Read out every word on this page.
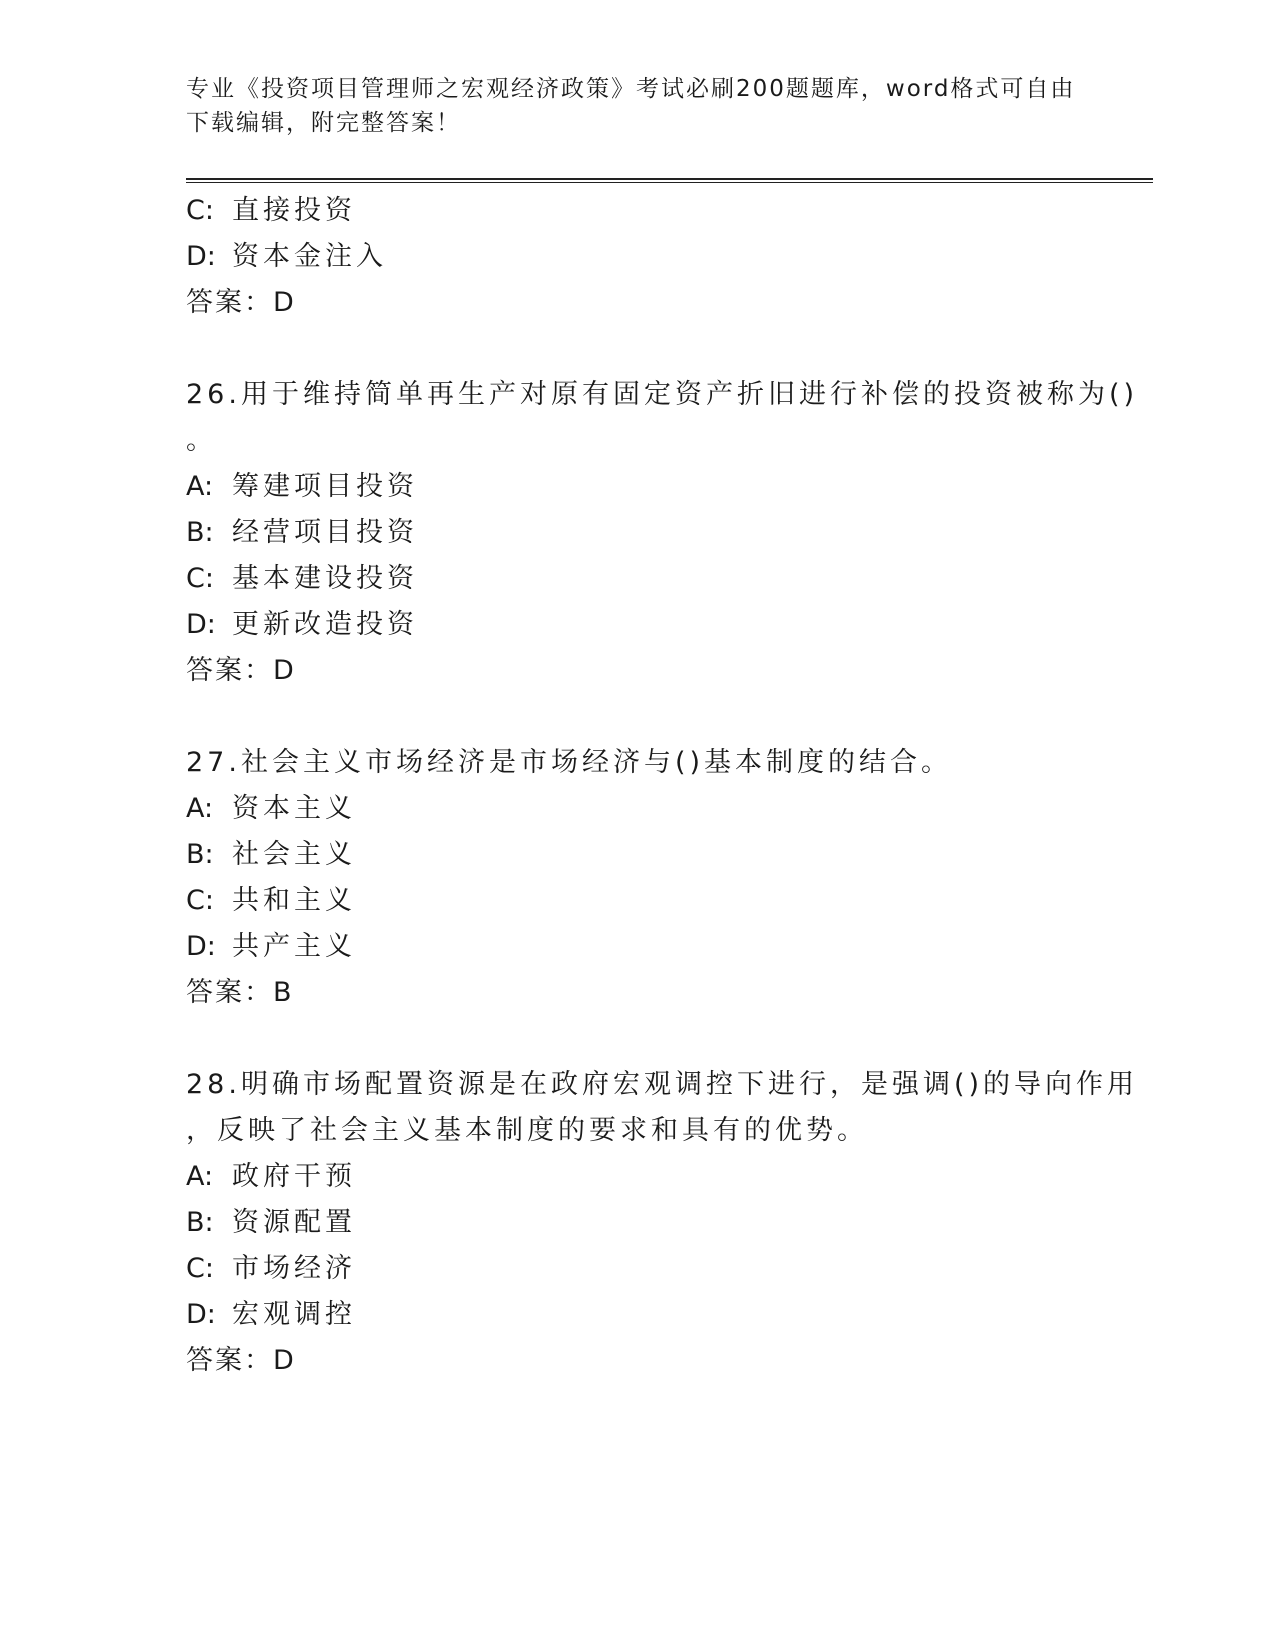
专业《投资项目管理师之宏观经济政策》考试必刷200题题库，word格式可自由下载编辑，附完整答案！
C: 直接投资
D: 资本金注入
答案：D
26.用于维持简单再生产对原有固定资产折旧进行补偿的投资被称为()
。
A: 筹建项目投资
B: 经营项目投资
C: 基本建设投资
D: 更新改造投资
答案：D
27.社会主义市场经济是市场经济与()基本制度的结合。
A: 资本主义
B: 社会主义
C: 共和主义
D: 共产主义
答案：B
28.明确市场配置资源是在政府宏观调控下进行，是强调()的导向作用
，反映了社会主义基本制度的要求和具有的优势。
A: 政府干预
B: 资源配置
C: 市场经济
D: 宏观调控
答案：D
